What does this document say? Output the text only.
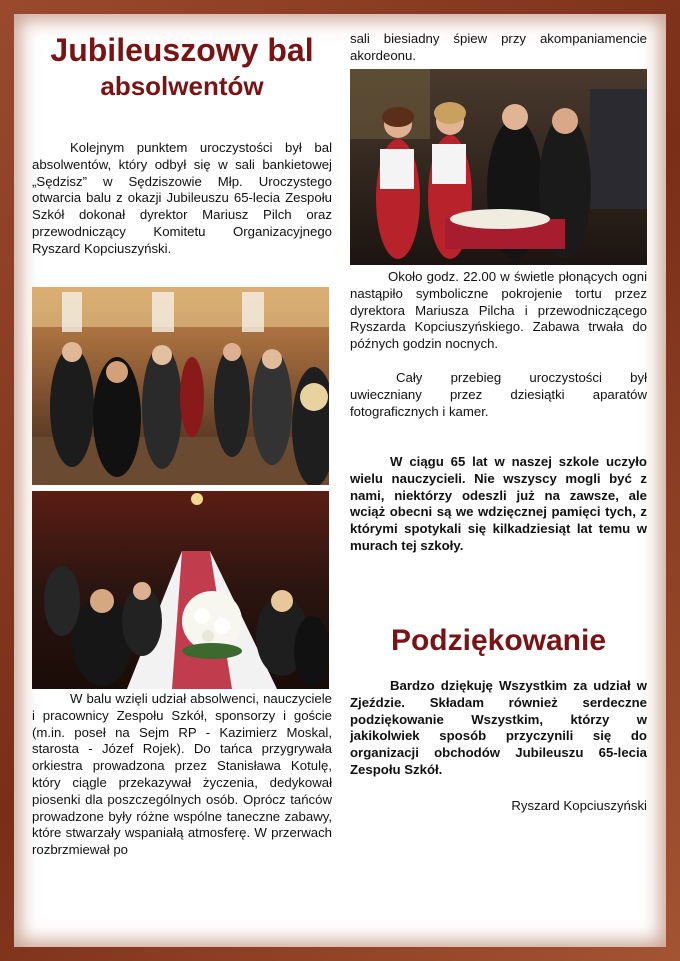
Jubileuszowy bal
absolwentów

Kolejnym punktem uroczystości był bal absolwentów, który odbył się w sali bankietowej „Sędzisz” w Sędziszowie Młp. Uroczystego otwarcia balu z okazji Jubileuszu 65-lecia Zespołu Szkół dokonał dyrektor Mariusz Pilch oraz przewodniczący Komitetu Organizacyjnego Ryszard Kopciuszyński.

W balu wzięli udział absolwenci, nauczyciele i pracownicy Zespołu Szkół, sponsorzy i goście (m.in. poseł na Sejm RP - Kazimierz Moskal, starosta - Józef Rojek). Do tańca przygrywała orkiestra prowadzona przez Stanisława Kotulę, który ciągle przekazywał życzenia, dedykował piosenki dla poszczególnych osób. Oprócz tańców prowadzone były różne wspólne taneczne zabawy, które stwarzały wspaniałą atmosferę. W przerwach rozbrzmiewał po

sali biesiadny śpiew przy akompaniamencie akordeonu.

Około godz. 22.00 w świetle płonących ogni nastąpiło symboliczne pokrojenie tortu przez dyrektora Mariusza Pilcha i przewodniczącego Ryszarda Kopciuszyńskiego. Zabawa trwała do późnych godzin nocnych.

Cały przebieg uroczystości był uwieczniany przez dziesiątki aparatów fotograficznych i kamer.

W ciągu 65 lat w naszej szkole uczyło wielu nauczycieli. Nie wszyscy mogli być z nami, niektórzy odeszli już na zawsze, ale wciąż obecni są we wdzięcznej pamięci tych, z którymi spotykali się kilkadziesiąt lat temu w murach tej szkoły.

Podziękowanie

Bardzo dziękuję Wszystkim za udział w Zjeździe. Składam również serdeczne podziękowanie Wszystkim, którzy w jakikolwiek sposób przyczynili się do organizacji obchodów Jubileuszu 65-lecia Zespołu Szkół.

Ryszard Kopciuszyński
